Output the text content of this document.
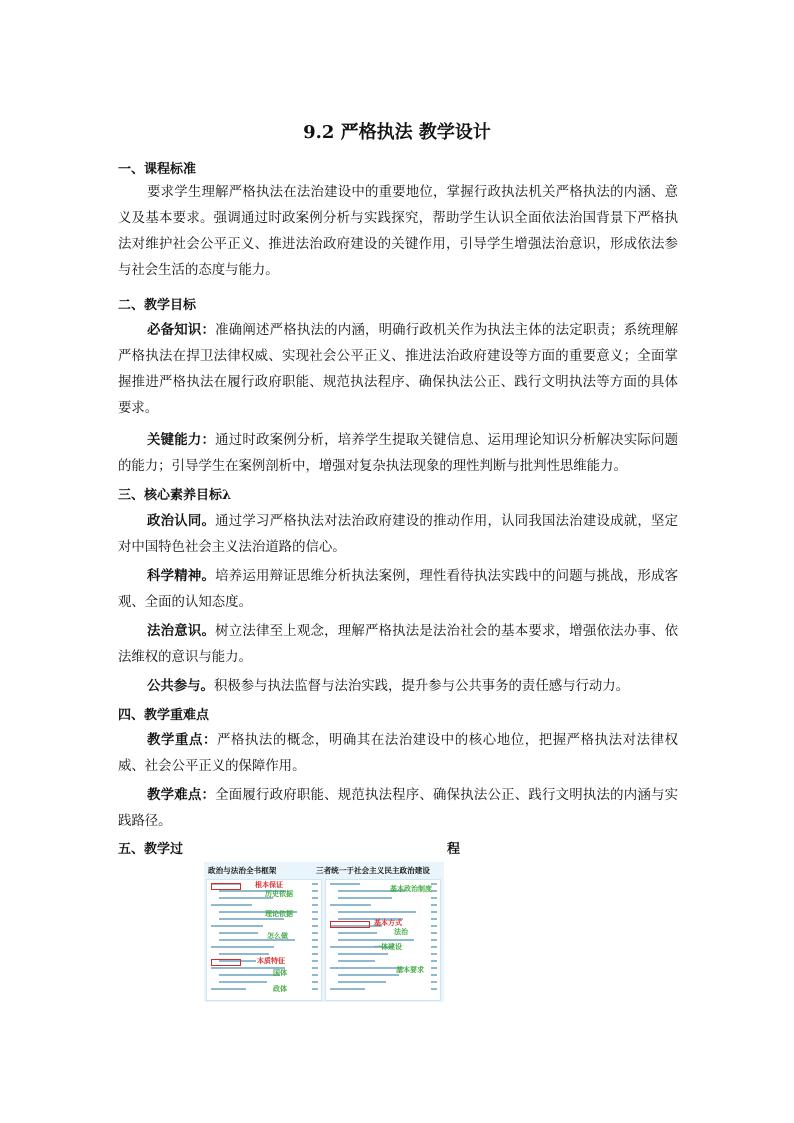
9.2 严格执法 教学设计
一、课程标准

要求学生理解严格执法在法治建设中的重要地位，掌握行政执法机关严格执法的内涵、意义及基本要求。强调通过时政案例分析与实践探究，帮助学生认识全面依法治国背景下严格执法对维护社会公平正义、推进法治政府建设的关键作用，引导学生增强法治意识，形成依法参与社会生活的态度与能力。

二、教学目标

必备知识：准确阐述严格执法的内涵，明确行政机关作为执法主体的法定职责；系统理解严格执法在捍卫法律权威、实现社会公平正义、推进法治政府建设等方面的重要意义；全面掌握推进严格执法在履行政府职能、规范执法程序、确保执法公正、践行文明执法等方面的具体要求。

关键能力：通过时政案例分析，培养学生提取关键信息、运用理论知识分析解决实际问题的能力；引导学生在案例剖析中，增强对复杂执法现象的理性判断与批判性思维能力。

三、核心素养目标λ

政治认同。通过学习严格执法对法治政府建设的推动作用，认同我国法治建设成就，坚定对中国特色社会主义法治道路的信心。

科学精神。培养运用辩证思维分析执法案例，理性看待执法实践中的问题与挑战，形成客观、全面的认知态度。

法治意识。树立法律至上观念，理解严格执法是法治社会的基本要求，增强依法办事、依法维权的意识与能力。

公共参与。积极参与执法监督与法治实践，提升参与公共事务的责任感与行动力。

四、教学重难点

教学重点：严格执法的概念，明确其在法治建设中的核心地位，把握严格执法对法律权威、社会公平正义的保障作用。

教学难点：全面履行政府职能、规范执法程序、确保执法公正、践行文明执法的内涵与实践路径。

五、教学过	程
政治与法治全书框架	三者统一于社会主义民主政治建设
根本保证
历史依据
理论依据
怎么做
本质特征
国体
政体
基本政治制度
基本方式
法治
一体建设
基本要求
